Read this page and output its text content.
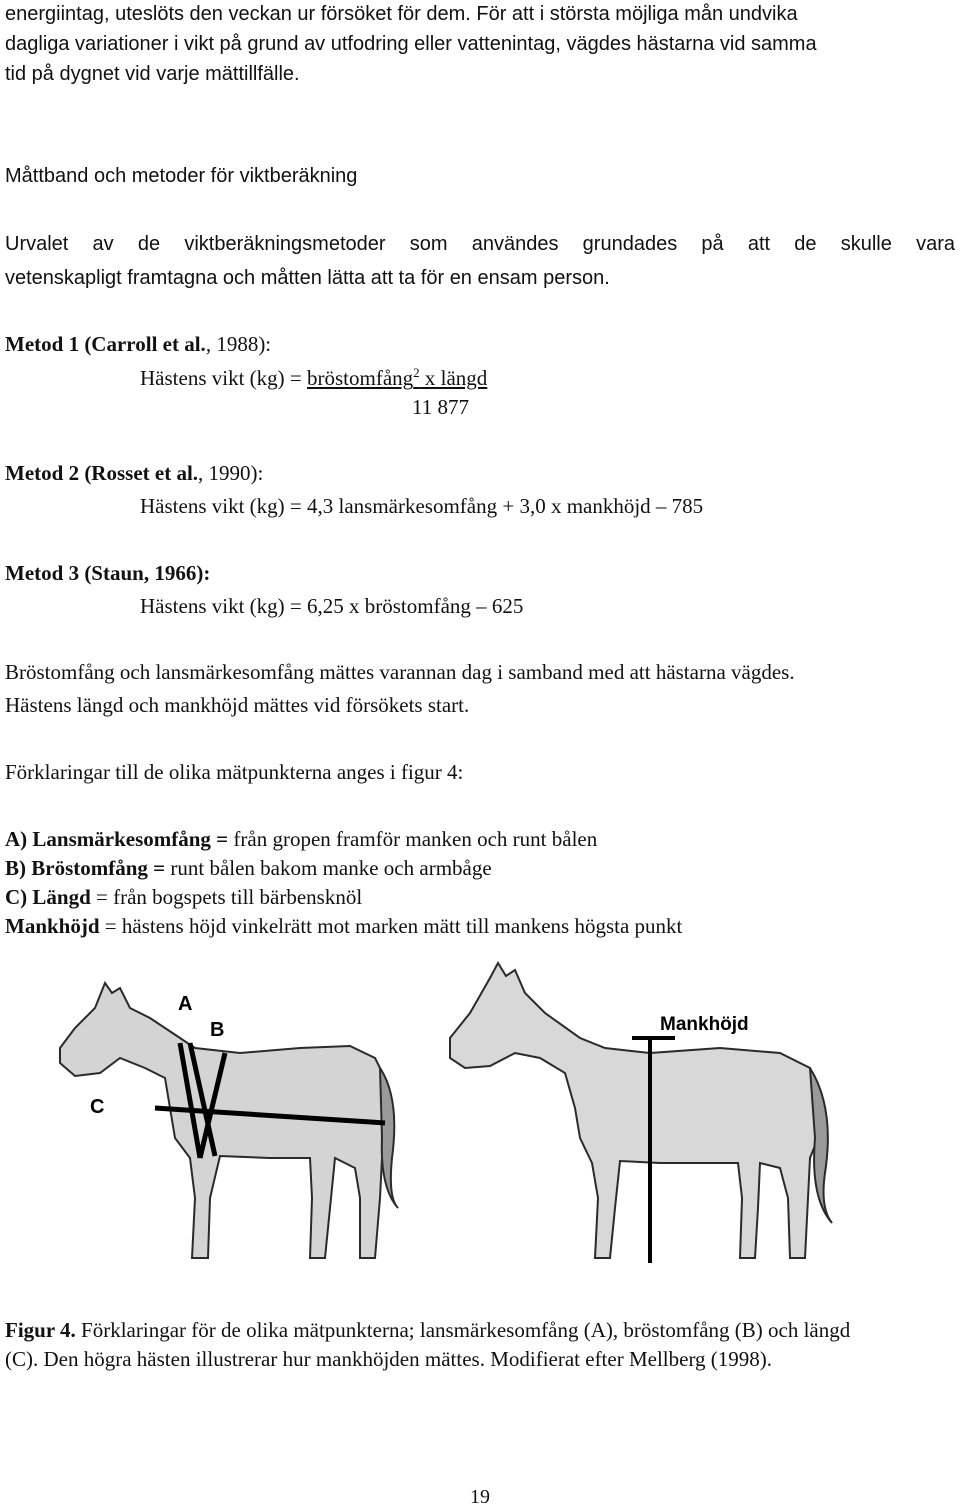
energiintag, uteslöts den veckan ur försöket för dem. För att i största möjliga mån undvika
dagliga variationer i vikt på grund av utfodring eller vattenintag, vägdes hästarna vid samma
tid på dygnet vid varje mättillfälle.
Måttband och metoder för viktberäkning
Urvalet av de viktberäkningsmetoder som användes grundades på att de skulle vara
vetenskapligt framtagna och måtten lätta att ta för en ensam person.
Metod 1 (Carroll et al., 1988):
Hästens vikt (kg) = bröstomfång$^2$ x längd
11 877
Metod 2 (Rosset et al., 1990):
Hästens vikt (kg) = 4,3 lansmärkesomfång + 3,0 x mankhöjd – 785
Metod 3 (Staun, 1966):
Hästens vikt (kg) = 6,25 x bröstomfång – 625
Bröstomfång och lansmärkesomfång mättes varannan dag i samband med att hästarna vägdes.
Hästens längd och mankhöjd mättes vid försökets start.
Förklaringar till de olika mätpunkterna anges i figur 4:
A) Lansmärkesomfång = från gropen framför manken och runt bålen
B) Bröstomfång = runt bålen bakom manke och armbåge
C) Längd = från bogspets till bärbensknöl
Mankhöjd = hästens höjd vinkelrätt mot marken mätt till mankens högsta punkt
A
B
C
Mankhöjd
Figur 4. Förklaringar för de olika mätpunkterna; lansmärkesomfång (A), bröstomfång (B) och längd
(C). Den högra hästen illustrerar hur mankhöjden mättes. Modifierat efter Mellberg (1998).
19
